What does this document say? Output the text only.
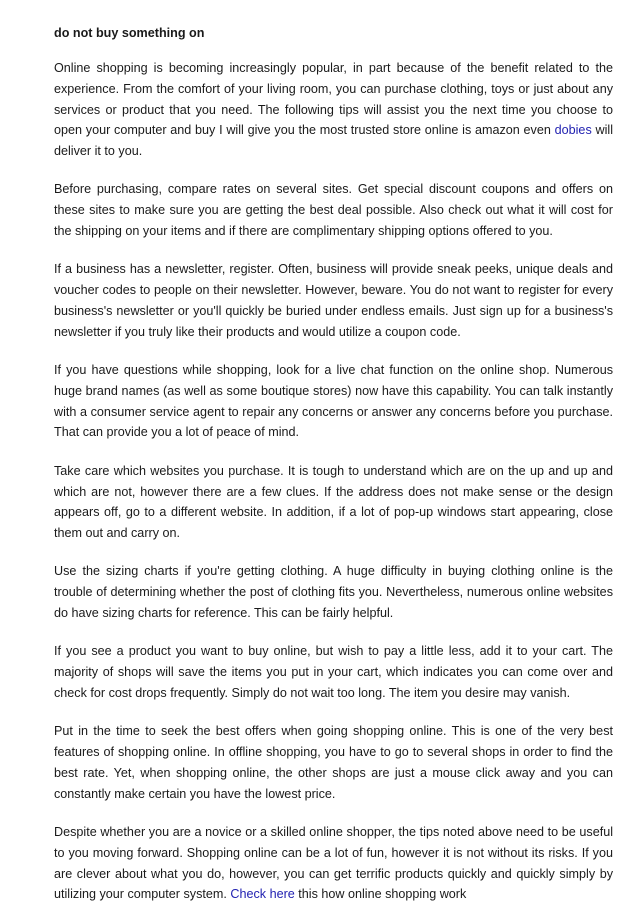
do not buy something on

Online shopping is becoming increasingly popular, in part because of the benefit related to the experience. From the comfort of your living room, you can purchase clothing, toys or just about any services or product that you need. The following tips will assist you the next time you choose to open your computer and buy I will give you the most trusted store online is amazon even dobies will deliver it to you.

Before purchasing, compare rates on several sites. Get special discount coupons and offers on these sites to make sure you are getting the best deal possible. Also check out what it will cost for the shipping on your items and if there are complimentary shipping options offered to you.

If a business has a newsletter, register. Often, business will provide sneak peeks, unique deals and voucher codes to people on their newsletter. However, beware. You do not want to register for every business's newsletter or you'll quickly be buried under endless emails. Just sign up for a business's newsletter if you truly like their products and would utilize a coupon code.

If you have questions while shopping, look for a live chat function on the online shop. Numerous huge brand names (as well as some boutique stores) now have this capability. You can talk instantly with a consumer service agent to repair any concerns or answer any concerns before you purchase. That can provide you a lot of peace of mind.

Take care which websites you purchase. It is tough to understand which are on the up and up and which are not, however there are a few clues. If the address does not make sense or the design appears off, go to a different website. In addition, if a lot of pop-up windows start appearing, close them out and carry on.

Use the sizing charts if you're getting clothing. A huge difficulty in buying clothing online is the trouble of determining whether the post of clothing fits you. Nevertheless, numerous online websites do have sizing charts for reference. This can be fairly helpful.

If you see a product you want to buy online, but wish to pay a little less, add it to your cart. The majority of shops will save the items you put in your cart, which indicates you can come over and check for cost drops frequently. Simply do not wait too long. The item you desire may vanish.

Put in the time to seek the best offers when going shopping online. This is one of the very best features of shopping online. In offline shopping, you have to go to several shops in order to find the best rate. Yet, when shopping online, the other shops are just a mouse click away and you can constantly make certain you have the lowest price.

Despite whether you are a novice or a skilled online shopper, the tips noted above need to be useful to you moving forward. Shopping online can be a lot of fun, however it is not without its risks. If you are clever about what you do, however, you can get terrific products quickly and quickly simply by utilizing your computer system. Check here this how online shopping work
